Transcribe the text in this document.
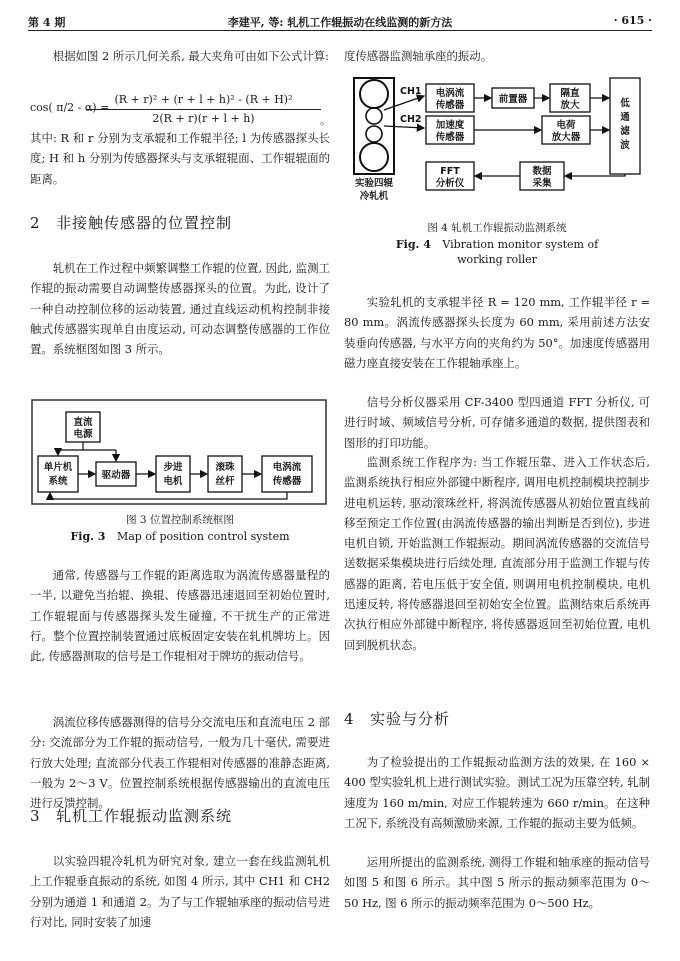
第 4 期	李建平, 等: 轧机工作辊振动在线监测的新方法	· 615 ·

根据如图 2 所示几何关系, 最大夹角可由如下公式计算:

cos( π/2 - α) =
(R + r)² + (r + l + h)² - (R + H)²
2(R + r)(r + l + h)	。

其中: R 和 r 分别为支承辊和工作辊半径; l 为传感器探头长度; H 和 h 分别为传感器探头与支承辊辊面、工作辊辊面的距离。

2 非接触传感器的位置控制

轧机在工作过程中频繁调整工作辊的位置, 因此, 监测工作辊的振动需要自动调整传感器探头的位置。为此, 设计了一种自动控制位移的运动装置, 通过直线运动机构控制非接触式传感器实现单自由度运动, 可动态调整传感器的工作位置。系统框图如图 3 所示。

直流
电源
单片机
系统
驱动器
步进
电机
滚珠
丝杆
电涡流
传感器
图 3 位置控制系统框图
Fig. 3 Map of position control system

通常, 传感器与工作辊的距离选取为涡流传感器量程的一半, 以避免当抬辊、换辊、传感器迅速退回至初始位置时, 工作辊辊面与传感器探头发生碰撞, 不干扰生产的正常进行。整个位置控制装置通过底板固定安装在轧机牌坊上。因此, 传感器测取的信号是工作辊相对于牌坊的振动信号。

涡流位移传感器测得的信号分交流电压和直流电压 2 部分: 交流部分为工作辊的振动信号, 一般为几十毫伏, 需要进行放大处理; 直流部分代表工作辊相对传感器的准静态距离, 一般为 2～3 V。位置控制系统根据传感器输出的直流电压进行反馈控制。

3 轧机工作辊振动监测系统

以实验四辊冷轧机为研究对象, 建立一套在线监测轧机上工作辊垂直振动的系统, 如图 4 所示, 其中 CH1 和 CH2 分别为通道 1 和通道 2。为了与工作辊轴承座的振动信号进行对比, 同时安装了加速

度传感器监测轴承座的振动。

实验四辊
冷轧机
CH1
CH2
电涡流
传感器
前置器
隔直
放大
加速度
传感器
电荷
放大器
低
通
滤
波
FFT
分析仪
数据
采集
图 4 轧机工作辊振动监测系统
Fig. 4 Vibration monitor system of
working roller

实验轧机的支承辊半径 R = 120 mm, 工作辊半径 r = 80 mm。涡流传感器探头长度为 60 mm, 采用前述方法安装垂向传感器, 与水平方向的夹角约为 50°。加速度传感器用磁力座直接安装在工作辊轴承座上。

信号分析仪器采用 CF-3400 型四通道 FFT 分析仪, 可进行时域、频域信号分析, 可存储多通道的数据, 提供图表和图形的打印功能。

监测系统工作程序为: 当工作辊压靠、进入工作状态后, 监测系统执行相应外部键中断程序, 调用电机控制模块控制步进电机运转, 驱动滚珠丝杆, 将涡流传感器从初始位置直线前移至预定工作位置(由涡流传感器的输出判断是否到位), 步进电机自锁, 开始监测工作辊振动。期间涡流传感器的交流信号送数据采集模块进行后续处理, 直流部分用于监测工作辊与传感器的距离, 若电压低于安全值, 则调用电机控制模块, 电机迅速反转, 将传感器退回至初始安全位置。监测结束后系统再次执行相应外部键中断程序, 将传感器返回至初始位置, 电机回到脱机状态。

4 实验与分析

为了检验提出的工作辊振动监测方法的效果, 在 160 × 400 型实验轧机上进行测试实验。测试工况为压靠空转, 轧制速度为 160 m/min, 对应工作辊转速为 660 r/min。在这种工况下, 系统没有高频激励来源, 工作辊的振动主要为低频。

运用所提出的监测系统, 测得工作辊和轴承座的振动信号如图 5 和图 6 所示。其中图 5 所示的振动频率范围为 0～50 Hz, 图 6 所示的振动频率范围为 0～500 Hz。
